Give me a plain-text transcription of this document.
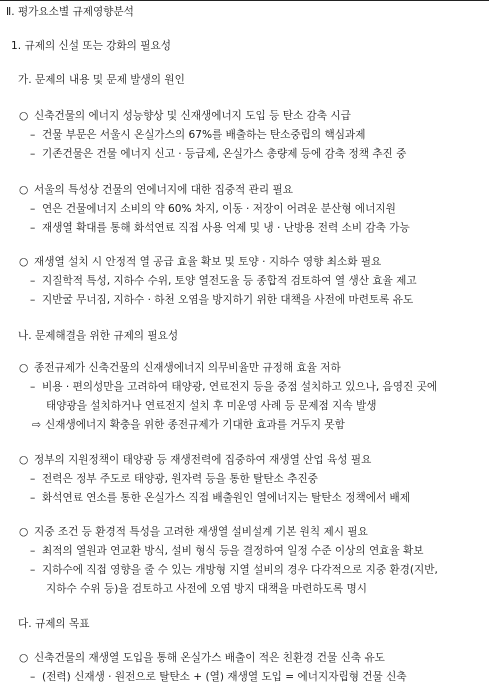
Ⅱ. 평가요소별 규제영향분석
1. 규제의 신설 또는 강화의 필요성
가. 문제의 내용 및 문제 발생의 원인
○ 신축건물의 에너지 성능향상 및 신재생에너지 도입 등 탄소 감축 시급
– 건물 부문은 서울시 온실가스의 67%를 배출하는 탄소중립의 핵심과제
– 기존건물은 건물 에너지 신고 · 등급제, 온실가스 총량제 등에 감축 정책 추진 중
○ 서울의 특성상 건물의 연에너지에 대한 집중적 관리 필요
– 연은 건물에너지 소비의 약 60% 차지, 이동 · 저장이 어려운 분산형 에너지원
– 재생열 확대를 통해 화석연료 직접 사용 억제 및 냉 · 난방용 전력 소비 감축 가능
○ 재생열 설치 시 안정적 열 공급 효율 확보 및 토양 · 지하수 영향 최소화 필요
– 지질학적 특성, 지하수 수위, 토양 열전도율 등 종합적 검토하여 열 생산 효율 제고
– 지반굴 무너짐, 지하수 · 하천 오염을 방지하기 위한 대책을 사전에 마련토록 유도
나. 문제해결을 위한 규제의 필요성
○ 종전규제가 신축건물의 신재생에너지 의무비율만 규정해 효율 저하
– 비용 · 편의성만을 고려하여 태양광, 연료전지 등을 중점 설치하고 있으나, 음영진 곳에
태양광을 설치하거나 연료전지 설치 후 미운영 사례 등 문제점 지속 발생
⇨ 신재생에너지 확충을 위한 종전규제가 기대한 효과를 거두지 못함
○ 정부의 지원정책이 태양광 등 재생전력에 집중하여 재생열 산업 육성 필요
– 전력은 정부 주도로 태양광, 원자력 등을 통한 탈탄소 추진중
– 화석연료 연소를 통한 온실가스 직접 배출원인 열에너지는 탈탄소 정책에서 배제
○ 지중 조건 등 환경적 특성을 고려한 재생열 설비설계 기본 원칙 제시 필요
– 최적의 열원과 연교환 방식, 설비 형식 등을 결정하여 일정 수준 이상의 연효율 확보
– 지하수에 직접 영향을 줄 수 있는 개방형 지열 설비의 경우 다각적으로 지중 환경(지반,
지하수 수위 등)을 검토하고 사전에 오염 방지 대책을 마련하도록 명시
다. 규제의 목표
○ 신축건물의 재생열 도입을 통해 온실가스 배출이 적은 친환경 건물 신축 유도
– (전력) 신재생 · 원전으로 탈탄소 + (열) 재생열 도입 = 에너지자립형 건물 신축
